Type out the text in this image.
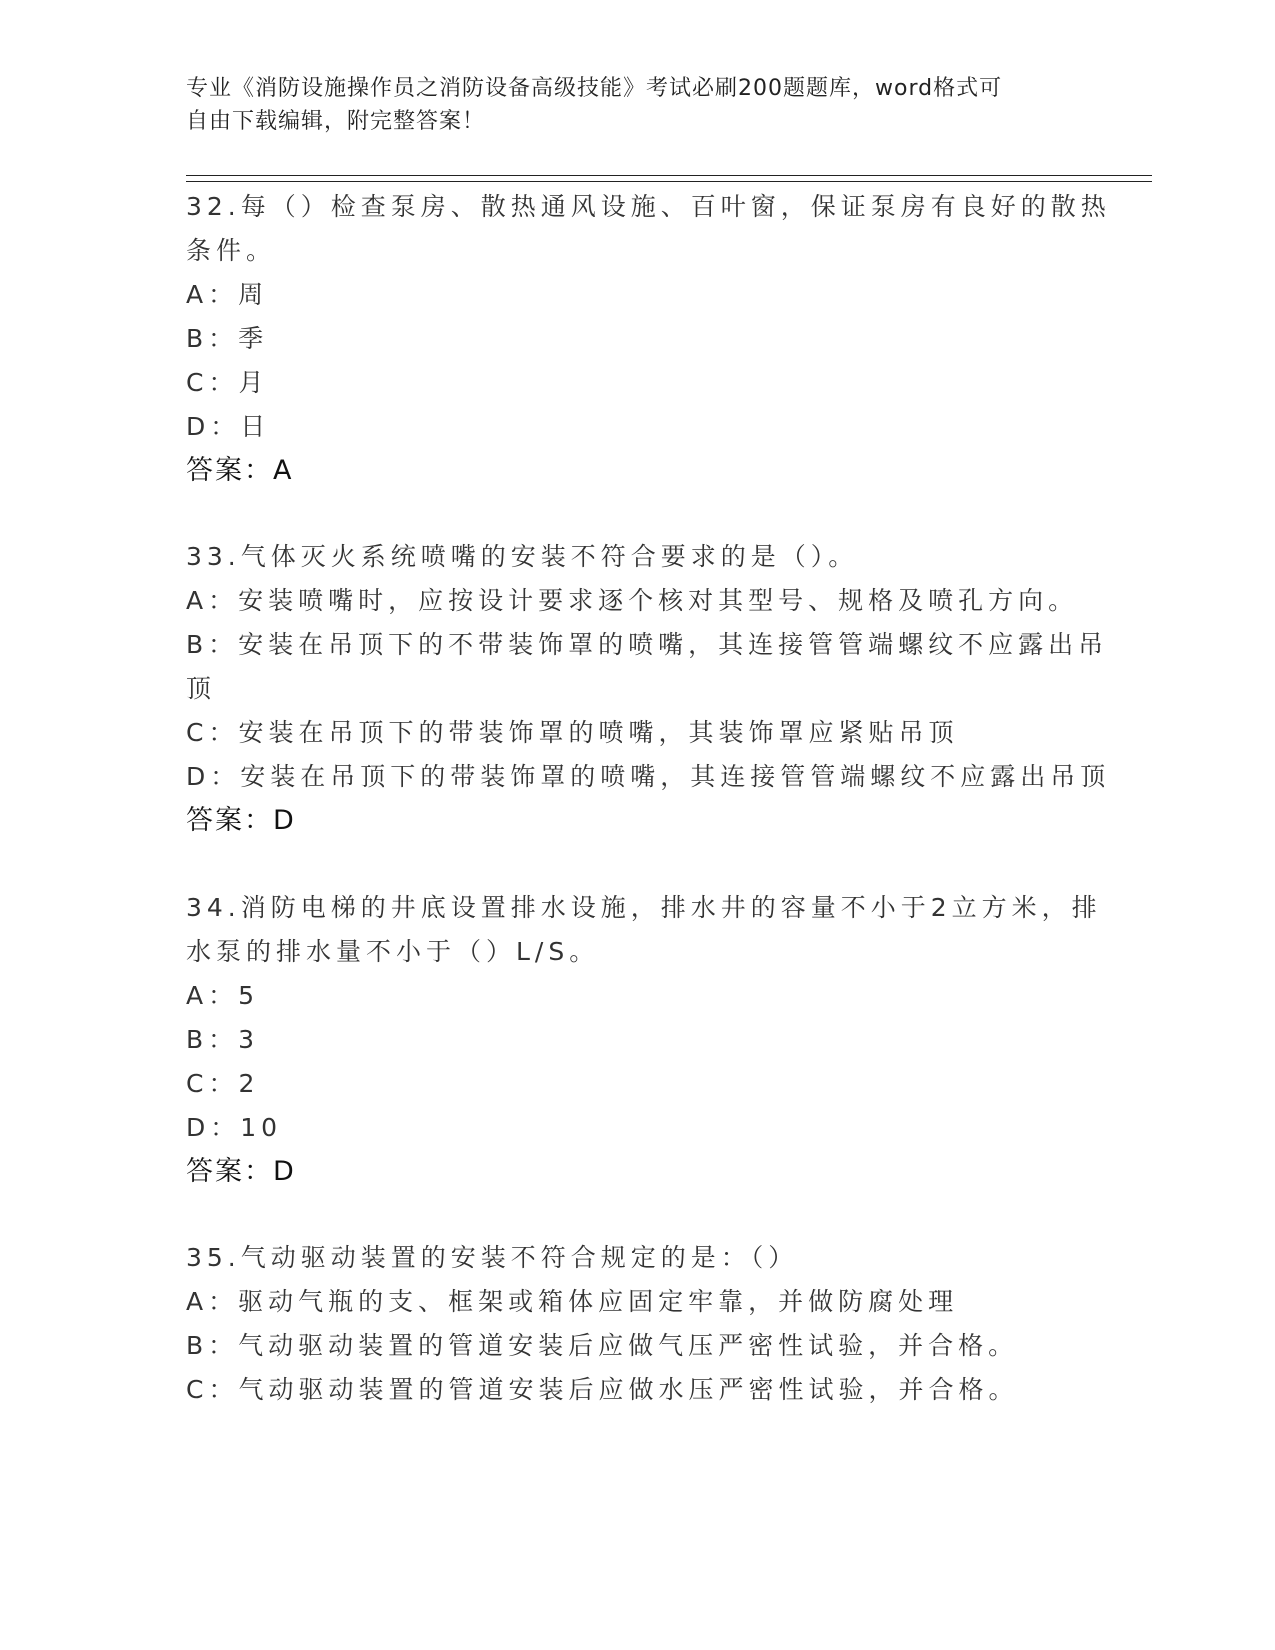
专业《消防设施操作员之消防设备高级技能》考试必刷200题题库，word格式可
自由下载编辑，附完整答案！
32.每（）检查泵房、散热通风设施、百叶窗，保证泵房有良好的散热
条件。
A：周
B：季
C：月
D：日
答案：A
33.气体灭火系统喷嘴的安装不符合要求的是（）。
A：安装喷嘴时，应按设计要求逐个核对其型号、规格及喷孔方向。
B：安装在吊顶下的不带装饰罩的喷嘴，其连接管管端螺纹不应露出吊
顶
C：安装在吊顶下的带装饰罩的喷嘴，其装饰罩应紧贴吊顶
D：安装在吊顶下的带装饰罩的喷嘴，其连接管管端螺纹不应露出吊顶
答案：D
34.消防电梯的井底设置排水设施，排水井的容量不小于2立方米，排
水泵的排水量不小于（）L/S。
A：5
B：3
C：2
D：10
答案：D
35.气动驱动装置的安装不符合规定的是：（）
A：驱动气瓶的支、框架或箱体应固定牢靠，并做防腐处理
B：气动驱动装置的管道安装后应做气压严密性试验，并合格。
C：气动驱动装置的管道安装后应做水压严密性试验，并合格。
